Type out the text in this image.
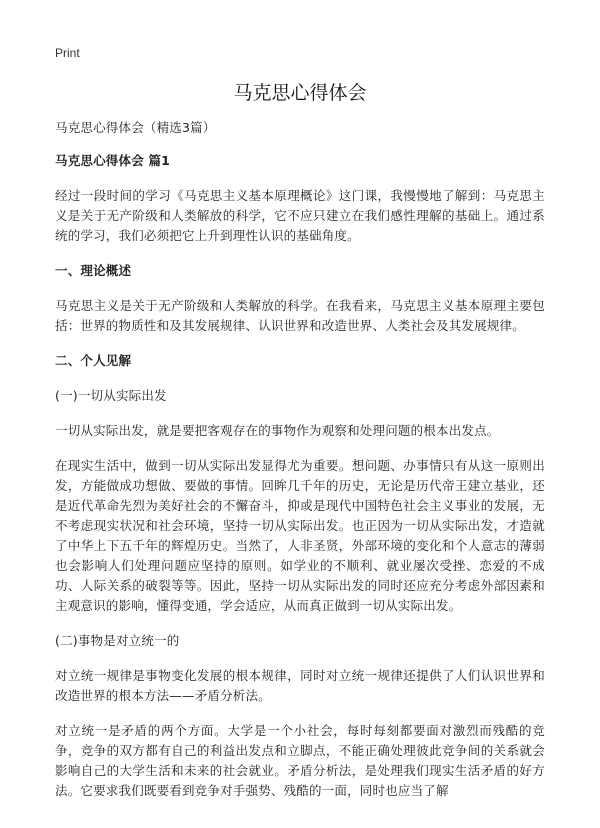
Print
马克思心得体会

马克思心得体会（精选3篇）

马克思心得体会 篇1

经过一段时间的学习《马克思主义基本原理概论》这门课，我慢慢地了解到：马克思主义是关于无产阶级和人类解放的科学，它不应只建立在我们感性理解的基础上。通过系统的学习，我们必须把它上升到理性认识的基础角度。

一、理论概述

马克思主义是关于无产阶级和人类解放的科学。在我看来，马克思主义基本原理主要包括：世界的物质性和及其发展规律、认识世界和改造世界、人类社会及其发展规律。

二、个人见解

(一)一切从实际出发

一切从实际出发，就是要把客观存在的事物作为观察和处理问题的根本出发点。

在现实生活中，做到一切从实际出发显得尤为重要。想问题、办事情只有从这一原则出发，方能做成功想做、要做的事情。回眸几千年的历史，无论是历代帝王建立基业，还是近代革命先烈为美好社会的不懈奋斗，抑或是现代中国特色社会主义事业的发展，无不考虑现实状况和社会环境，坚持一切从实际出发。也正因为一切从实际出发，才造就了中华上下五千年的辉煌历史。当然了，人非圣贤，外部环境的变化和个人意志的薄弱也会影响人们处理问题应坚持的原则。如学业的不顺利、就业屡次受挫、恋爱的不成功、人际关系的破裂等等。因此，坚持一切从实际出发的同时还应充分考虑外部因素和主观意识的影响，懂得变通，学会适应，从而真正做到一切从实际出发。

(二)事物是对立统一的

对立统一规律是事物变化发展的根本规律，同时对立统一规律还提供了人们认识世界和改造世界的根本方法——矛盾分析法。

对立统一是矛盾的两个方面。大学是一个小社会，每时每刻都要面对激烈而残酷的竞争，竞争的双方都有自己的利益出发点和立脚点，不能正确处理彼此竞争间的关系就会影响自己的大学生活和未来的社会就业。矛盾分析法，是处理我们现实生活矛盾的好方法。它要求我们既要看到竞争对手强势、残酷的一面，同时也应当了解
